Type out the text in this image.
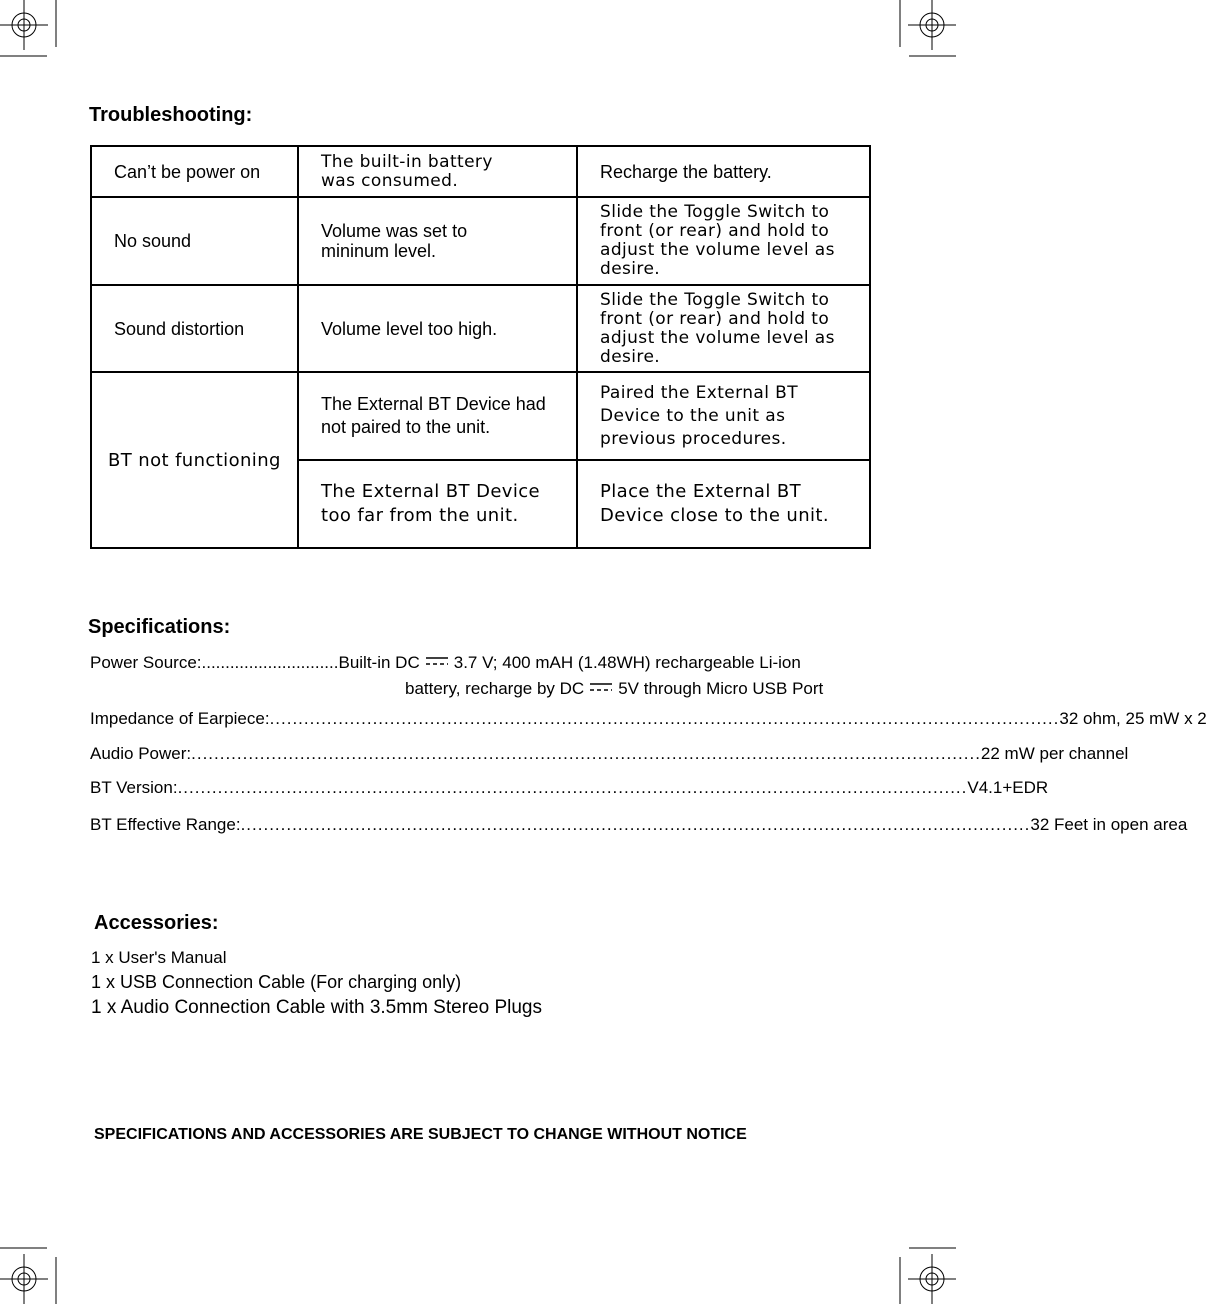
Troubleshooting:
Can’t be power on	The built-in battery was consumed.	Recharge the battery.
No sound	Volume was set to mininum level.	Slide the Toggle Switch to front (or rear) and hold to adjust the volume level as desire.
Sound distortion	Volume level too high.	Slide the Toggle Switch to front (or rear) and hold to adjust the volume level as desire.
BT not functioning	The External BT Device had not paired to the unit.	Paired the External BT Device to the unit as previous procedures.
	The External BT Device too far from the unit.	Place the External BT Device close to the unit.
Specifications:
Power Source: ............................. Built-in DC 3.7 V; 400 mAH (1.48WH) rechargeable Li-ion
battery, recharge by DC 5V through Micro USB Port
Impedance of Earpiece: .......................................................................................................................................... 32 ohm, 25 mW x 2
Audio Power: .......................................................................................................................................... 22 mW per channel
BT Version: .......................................................................................................................................... V4.1+EDR
BT Effective Range: .......................................................................................................................................... 32 Feet in open area
Accessories:
1 x User's Manual
1 x USB Connection Cable (For charging only)
1 x Audio Connection Cable with 3.5mm Stereo Plugs
SPECIFICATIONS AND ACCESSORIES ARE SUBJECT TO CHANGE WITHOUT NOTICE
